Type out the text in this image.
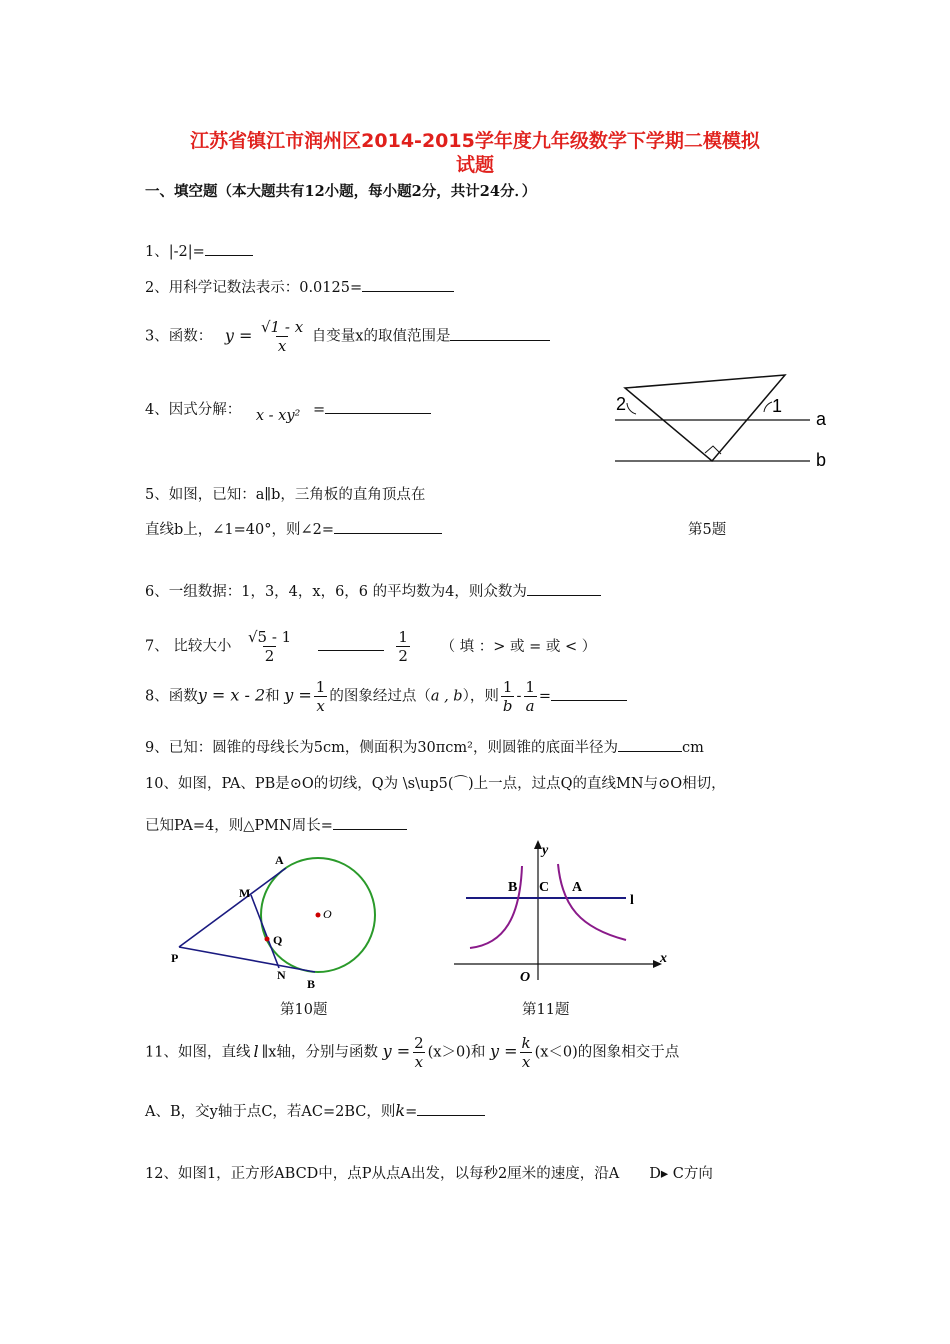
江苏省镇江市润州区2014-2015学年度九年级数学下学期二模模拟
试题
一、填空题（本大题共有12小题，每小题2分，共计24分．）
1、|-2|=
2、用科学记数法表示：0.0125=
3、函数： $y = \frac{√1 - x}{x}$ 自变量x的取值范围是
4、因式分解： x - xy² =	2	1
a
b
5、如图，已知：a∥b，三角板的直角顶点在
直线b上，∠1=40°，则∠2=	第5题
6、一组数据：1，3，4，x，6，6 的平均数为4，则众数为
7、 比较大小 $\frac{√5 - 1}{2}$
	$\frac{1}{2}$ （ 填 ：> 或 = 或 < ）
8、函数y = x - 2和 $y = \frac{1}{x}$ 的图象经过点（a , b），则 $\frac{1}{b} - \frac{1}{a}$ =
9、已知：圆锥的母线长为5cm，侧面积为30πcm²，则圆锥的底面半径为	cm
10、如图，PA、PB是⊙O的切线，Q为 \s\up5(⌒)上一点，过点Q的直线MN与⊙O相切，
已知PA=4，则△PMN周长=
A
M
Q
O
P
N
B
第10题
y
x
O
B C A
l
第11题
11、如图，直线 l ∥x轴，分别与函数 $y = \frac{2}{x} (x>0)$和 $y = \frac{k}{x} (x<0)$的图象相交于点
A、B，交y轴于点C，若AC=2BC，则k=
12、如图1，正方形ABCD中，点P从点A出发，以每秒2厘米的速度，沿A D▸ C方向
